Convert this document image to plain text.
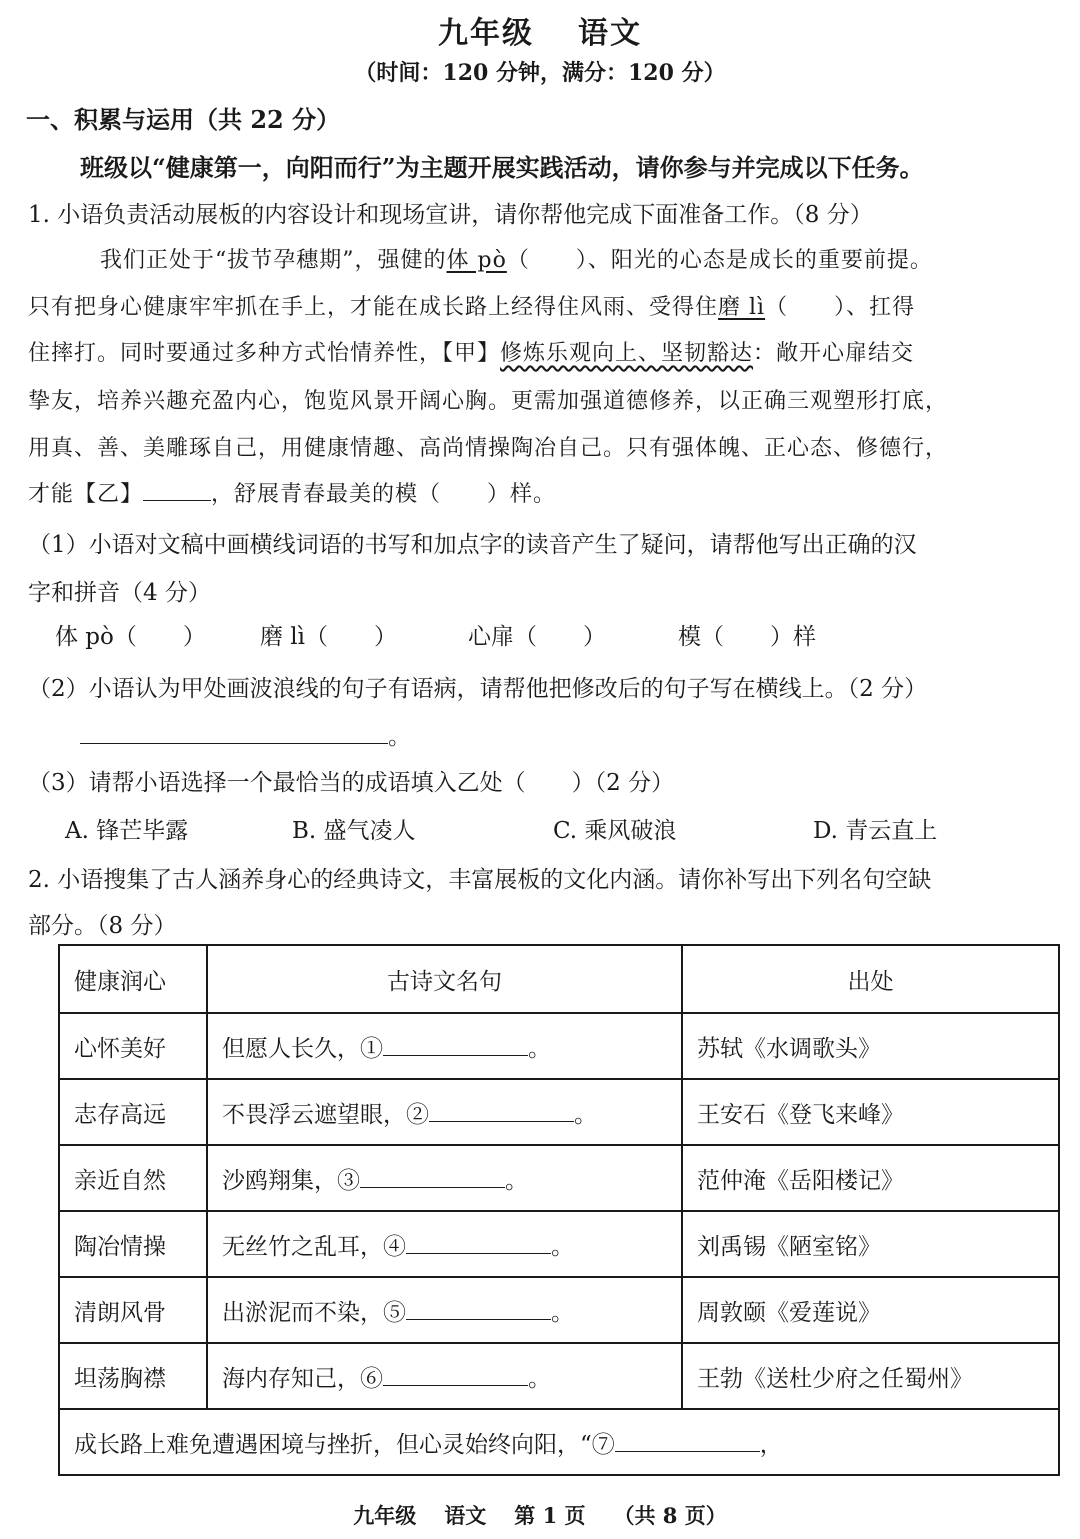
九年级 语文
（时间：120 分钟，满分：120 分）
一、积累与运用（共 22 分）
班级以“健康第一，向阳而行”为主题开展实践活动，请你参与并完成以下任务。
1. 小语负责活动展板的内容设计和现场宣讲，请你帮他完成下面准备工作。（8 分）
我们正处于“拔节孕穗期”，强健的体 pò（　　）、阳光的心态是成长的重要前提。
只有把身心健康牢牢抓在手上，才能在成长路上经得住风雨、受得住磨 lì（　　）、扛得
住摔打。同时要通过多种方式怡情养性，【甲】修炼乐观向上、坚韧豁达：敞开心扉结交
挚友，培养兴趣充盈内心，饱览风景开阔心胸。更需加强道德修养，以正确三观塑形打底，
用真、善、美雕琢自己，用健康情趣、高尚情操陶冶自己。只有强体魄、正心态、修德行，
才能【乙】	，舒展青春最美的模（　　）样。
（1）小语对文稿中画横线词语的书写和加点字的读音产生了疑问，请帮他写出正确的汉
字和拼音（4 分）
体 pò（　　） 磨 lì（　　）	心扉（　　）	模（　　）样
（2）小语认为甲处画波浪线的句子有语病，请帮他把修改后的句子写在横线上。（2 分）
。
（3）请帮小语选择一个最恰当的成语填入乙处（　　）（2 分）
A. 锋芒毕露	B. 盛气凌人	C. 乘风破浪	D. 青云直上
2. 小语搜集了古人涵养身心的经典诗文，丰富展板的文化内涵。请你补写出下列名句空缺
部分。（8 分）
健康润心	古诗文名句	出处
心怀美好	但愿人长久，① 。	苏轼《水调歌头》
志存高远	不畏浮云遮望眼，② 。	王安石《登飞来峰》
亲近自然	沙鸥翔集，③ 。	范仲淹《岳阳楼记》
陶冶情操	无丝竹之乱耳，④ 。	刘禹锡《陋室铭》
清朗风骨	出淤泥而不染，⑤ 。	周敦颐《爱莲说》
坦荡胸襟	海内存知己，⑥ 。	王勃《送杜少府之任蜀州》
成长路上难免遭遇困境与挫折，但心灵始终向阳，“⑦ ，		
九年级 语文 第 1 页 （共 8 页）
